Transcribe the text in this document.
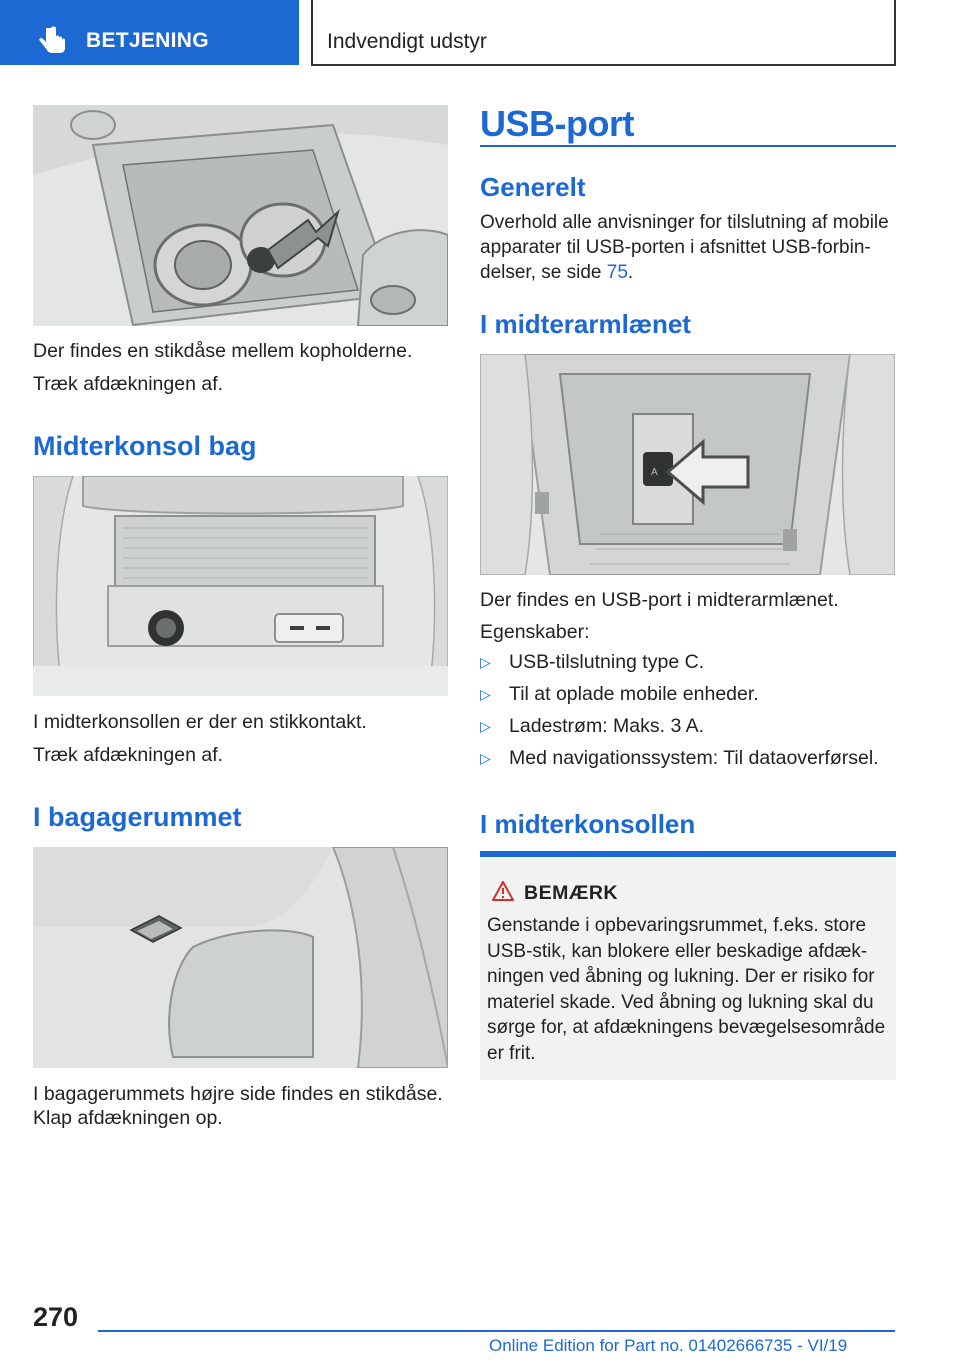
BETJENING	Indvendigt udstyr
Der findes en stikdåse mellem kopholderne.
Træk afdækningen af.
Midterkonsol bag
I midterkonsollen er der en stikkontakt.
Træk afdækningen af.
I bagagerummet
I bagagerummets højre side findes en stikdåse.
Klap afdækningen op.
USB-port
Generelt
Overhold alle anvisninger for tilslutning af mobile
apparater til USB-porten i afsnittet USB-forbin-
delser, se side 75.
I midterarmlænet
A
Der findes en USB-port i midterarmlænet.
Egenskaber:
▷ USB-tilslutning type C.
▷ Til at oplade mobile enheder.
▷ Ladestrøm: Maks. 3 A.
▷ Med navigationssystem: Til dataoverførsel.
I midterkonsollen
BEMÆRK
Genstande i opbevaringsrummet, f.eks. store
USB-stik, kan blokere eller beskadige afdæk-
ningen ved åbning og lukning. Der er risiko for
materiel skade. Ved åbning og lukning skal du
sørge for, at afdækningens bevægelsesområde
er frit.
270
Online Edition for Part no. 01402666735 - VI/19
